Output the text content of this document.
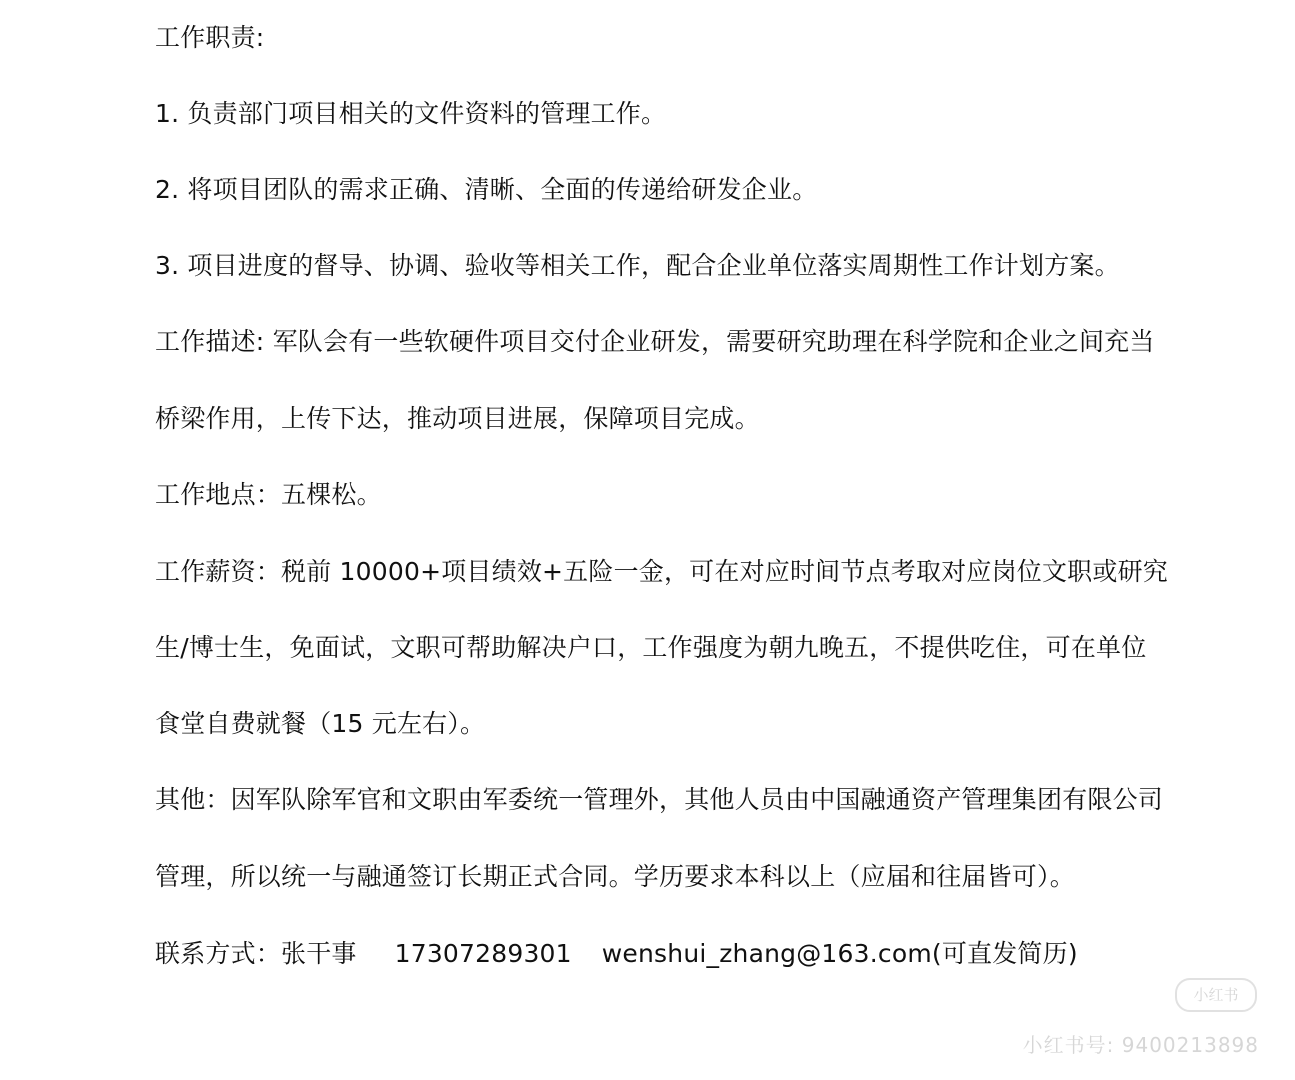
工作职责:

1. 负责部门项目相关的文件资料的管理工作。

2. 将项目团队的需求正确、清晰、全面的传递给研发企业。

3. 项目进度的督导、协调、验收等相关工作，配合企业单位落实周期性工作计划方案。

工作描述: 军队会有一些软硬件项目交付企业研发，需要研究助理在科学院和企业之间充当

桥梁作用，上传下达，推动项目进展，保障项目完成。

工作地点：五棵松。

工作薪资：税前 10000+项目绩效+五险一金，可在对应时间节点考取对应岗位文职或研究

生/博士生，免面试，文职可帮助解决户口，工作强度为朝九晚五，不提供吃住，可在单位

食堂自费就餐（15 元左右）。

其他：因军队除军官和文职由军委统一管理外，其他人员由中国融通资产管理集团有限公司

管理，所以统一与融通签订长期正式合同。学历要求本科以上（应届和往届皆可）。

联系方式：张干事 17307289301 wenshui_zhang@163.com(可直发简历)

小红书
小红书号: 9400213898
